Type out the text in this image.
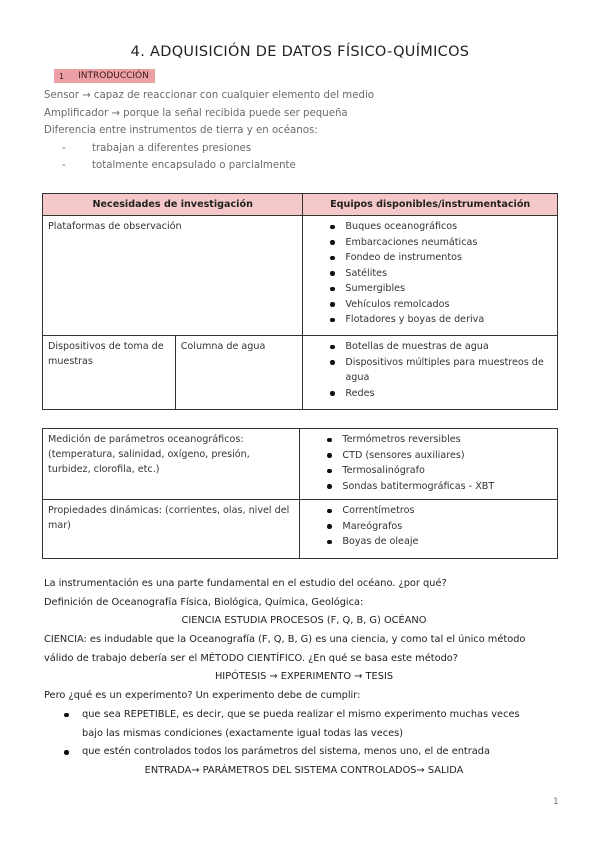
4. ADQUISICIÓN DE DATOS FÍSICO-QUÍMICOS
1 INTRODUCCIÓN
Sensor → capaz de reaccionar con cualquier elemento del medio
Amplificador → porque la señal recibida puede ser pequeña
Diferencia entre instrumentos de tierra y en océanos:
-	trabajan a diferentes presiones
-	totalmente encapsulado o parcialmente
Necesidades de investigación		Equipos disponibles/instrumentación
Plataformas de observación	Buques oceanográficos
Embarcaciones neumáticas
Fondeo de instrumentos
Satélites
Sumergibles
Vehículos remolcados
Flotadores y boyas de deriva

Dispositivos de toma de muestras	Columna de agua	Botellas de muestras de agua
Dispositivos múltiples para muestreos de agua
Redes
Medición de parámetros oceanográficos: (temperatura, salinidad, oxígeno, presión, turbidez, clorofila, etc.)	
Termómetros reversibles
CTD (sensores auxiliares)
Termosalinógrafo
Sondas batitermográficas - XBT

Propiedades dinámicas: (corrientes, olas, nivel del mar)	
Correntímetros
Mareógrafos
Boyas de oleaje
La instrumentación es una parte fundamental en el estudio del océano. ¿por qué?
Definición de Oceanografía Física, Biológica, Química, Geológica:
CIENCIA ESTUDIA PROCESOS (F, Q, B, G) OCÉANO
CIENCIA: es indudable que la Oceanografía (F, Q, B, G) es una ciencia, y como tal el único método
válido de trabajo debería ser el MÉTODO CIENTÍFICO. ¿En qué se basa este método?
HIPÓTESIS → EXPERIMENTO → TESIS
Pero ¿qué es un experimento? Un experimento debe de cumplir:
que sea REPETIBLE, es decir, que se pueda realizar el mismo experimento muchas veces
bajo las mismas condiciones (exactamente igual todas las veces)
que estén controlados todos los parámetros del sistema, menos uno, el de entrada
ENTRADA→ PARÁMETROS DEL SISTEMA CONTROLADOS→ SALIDA
1
